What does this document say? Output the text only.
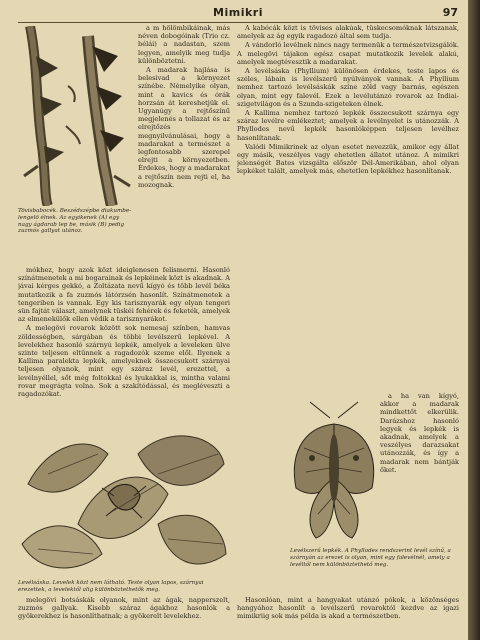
Mimikri	97
Tövisbabocék. Beszédszépbe diakumbe-lengelö élnek. Az egyikenek (A) egy nagy ágdarab lep be, másik (B) pedig zuzmós gallyat utánoz.

a m hölömbikáinak, más néven dobogóinak (Trio cz. bélái) a nadastan, szem legyen, amelyik meg tudja különböztetni.

A madarak hajlása is belesivad a környezet színébe. Némelyike olyan, mint a kavics és órák horzsán át kereshetjük el. Ugyanúgy a rejtőszínű megjelenés a tollazat és az elrejtőzés megnyilvánulásai, hogy a madarakat a természet a legfontosabb szerepel elrejti a környezetben. Érdekes, hogy a madarakat a rejtőszín nem rejti el, ha mozognak.

mókhez, hogy azok közt ideiglenesen felismerni. Hasonló színátmenetek a mi bogarainak és lepkéinek közt is akadnak. A jávai kérges gekkó, a Zoltázata nevű kígyó és több levél béka mutatkozik a fa zuzmós látórzsén hasonlít. Színátmenetek a tengeriben is vannak. Egy kis tarisznyarák egy olyan tengeri sün fajtát választ, amelynek tüskéi fehérek és feketék, amelyek az elmenekülők ellen védik a tarisznyarákot.

A melegövi rovarok között sok nemesaj színben, hamvas zöldességben, sárgában és többi levélszerű lepkével. A levelekhez hasonló szárnyú lepkék, amelyek a leveleken ülve szinte teljesen eltűnnek a ragadozók szeme elől. Ilyenek a Kallima paralekta lepkék, amelyeknek összecsukott szárnyai teljesen olyanok, mint egy száraz levél, erezettel, a levélnyéllel, sőt még foltokkal és lyukakkal is, mintha valami rovar megrágta volna. Sok a szakítódással, és megléveszti a ragadozókat.

Levélsáska. Levelek közt nem látható. Teste olyan lapos, szárnyai erezettek, a levelektől alig különböztethetők meg.

melegövi botsáskák olyanok, mint az ágak, napperszelt, zuzmós gallyak. Kisebb száraz ágakhoz hasonlók a gyökerekhez is hasonlíthatnak; a gyökerelt levelekhez.

A kabócák közt is tövises alakúak, tüskecsomóknak látszanak, amelyek az ág egyik ragadozó által sem tudja.

A vándorló levélnek nincs nagy termenük a természetvizsgálók. A melegövi tájakon egész csapat mutatkozik levelek alakú, amelyek megtévesztik a madarakat.

A levélsáska (Phyllium) különösen érdekes, teste lapos és széles, lábain is levélszerű nyúlványok vannak. A Phyllium nemhez tartozó levélsáskák színe zöld vagy barnás, egészen olyan, mint egy falevél. Ezek a levélutánzó rovarok az Indiai-szigetvilágon és a Szunda-szigeteken élnek.

A Kallima nemhez tartozó lepkék összecsukott szárnya egy száraz levélre emlékeztet; amelyek a levélnyelet is utánozzák. A Phyllodes nevű lepkék hasonlóképpen teljesen levélhez hasonlítanak.

Valódi Mimikrinek az olyan esetet nevezzük, amikor egy állat egy másik, veszélyes vagy ehetetlen állatot utánoz. A mimikri jelenségét Bates vizsgálta először Dél-Amerikában, ahol olyan lepkéket talált, amelyek más, ehetetlen lepkékhez hasonlítanak.

a ha van kígyó, akkor a madarak mindkettőt elkerülik. Darázshoz hasonló legyek és lepkék is akadnak, amelyek a veszélyes darazsakat utánozzák, és így a madarak nem bántják őket.

Levélszerű lepkék. A Phyllodes rendszerint levél színű, a szárnyán az erezet is olyan, mint egy falevélnél, amely a levéltől nem különböztethető meg.

Hasonlóan, mint a hangyakat utánzó pókok, a közönséges hangyához hasonlít a levélszerű rovaroktól kezdve az igazi mimikriig sok más példa is akad a természetben.
